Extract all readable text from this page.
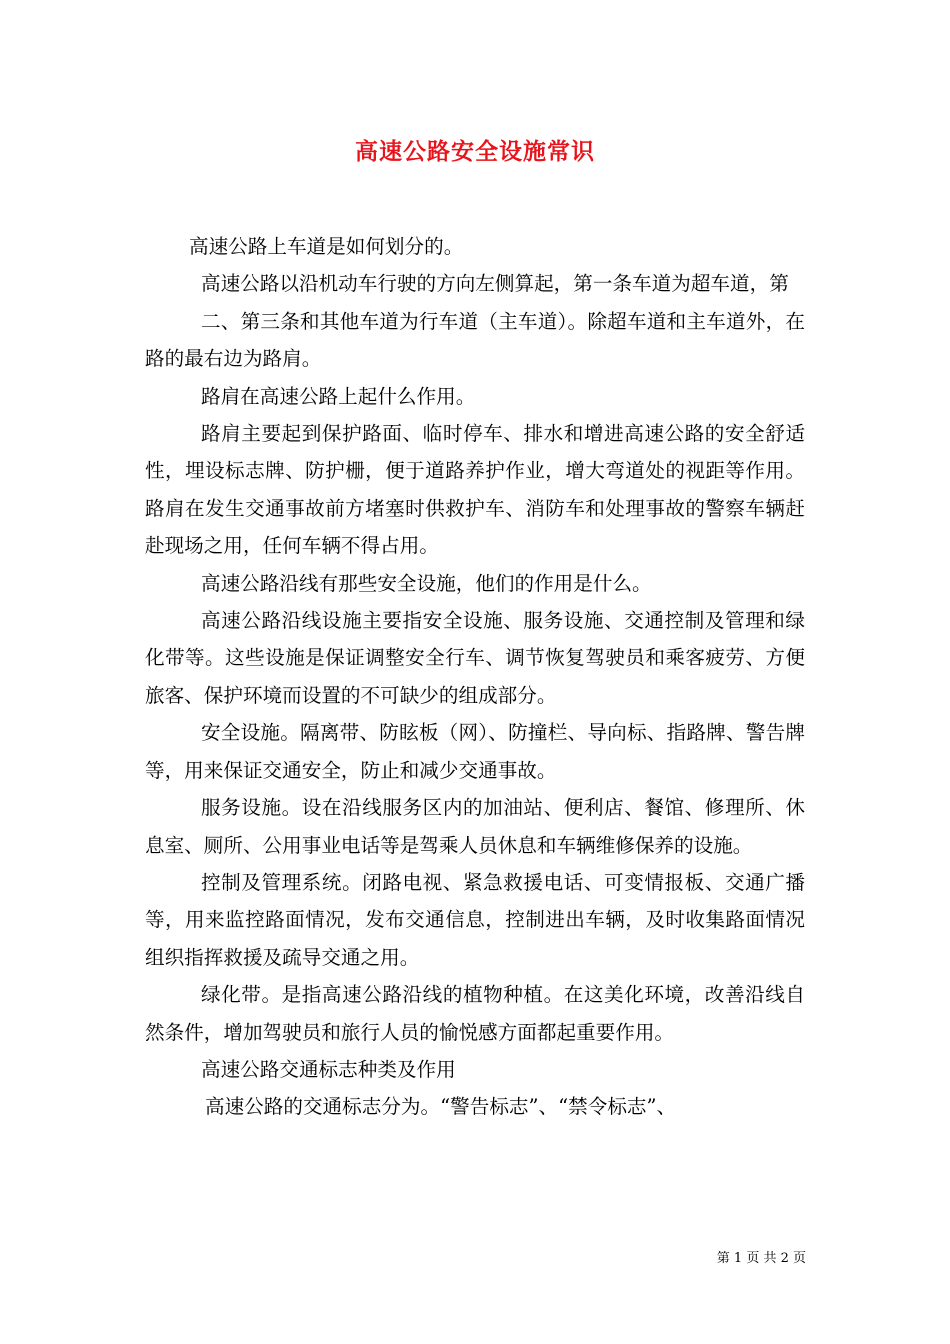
高速公路安全设施常识

高速公路上车道是如何划分的。

高速公路以沿机动车行驶的方向左侧算起，第一条车道为超车道，第

二、第三条和其他车道为行车道（主车道）。除超车道和主车道外，在路的最右边为路肩。

路肩在高速公路上起什么作用。

路肩主要起到保护路面、临时停车、排水和增进高速公路的安全舒适性，埋设标志牌、防护栅，便于道路养护作业，增大弯道处的视距等作用。路肩在发生交通事故前方堵塞时供救护车、消防车和处理事故的警察车辆赶赴现场之用，任何车辆不得占用。

高速公路沿线有那些安全设施，他们的作用是什么。

高速公路沿线设施主要指安全设施、服务设施、交通控制及管理和绿化带等。这些设施是保证调整安全行车、调节恢复驾驶员和乘客疲劳、方便旅客、保护环境而设置的不可缺少的组成部分。

安全设施。隔离带、防眩板（网）、防撞栏、导向标、指路牌、警告牌等，用来保证交通安全，防止和减少交通事故。

服务设施。设在沿线服务区内的加油站、便利店、餐馆、修理所、休息室、厕所、公用事业电话等是驾乘人员休息和车辆维修保养的设施。

控制及管理系统。闭路电视、紧急救援电话、可变情报板、交通广播等，用来监控路面情况，发布交通信息，控制进出车辆，及时收集路面情况组织指挥救援及疏导交通之用。

绿化带。是指高速公路沿线的植物种植。在这美化环境，改善沿线自然条件，增加驾驶员和旅行人员的愉悦感方面都起重要作用。

高速公路交通标志种类及作用

高速公路的交通标志分为。“警告标志”、“禁令标志”、

第 1 页 共 2 页
